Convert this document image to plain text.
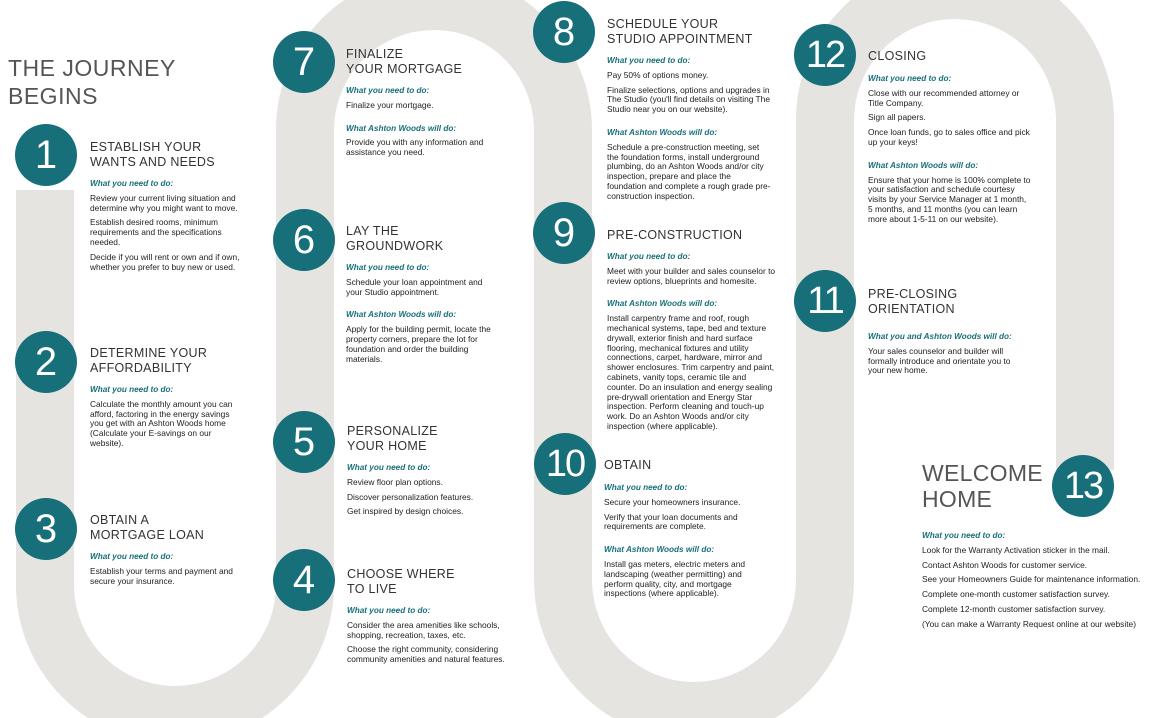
THE JOURNEY
BEGINS
1	ESTABLISH YOUR
WANTS AND NEEDS
What you need to do:
Review your current living situation and determine why you might want to move.
Establish desired rooms, minimum requirements and the specifications needed.
Decide if you will rent or own and if own, whether you prefer to buy new or used.
2	DETERMINE YOUR
AFFORDABILITY
What you need to do:
Calculate the monthly amount you can afford, factoring in the energy savings you get with an Ashton Woods home (Calculate your E-savings on our website).
3	OBTAIN A
MORTGAGE LOAN
What you need to do:
Establish your terms and payment and secure your insurance.	4	CHOOSE WHERE
TO LIVE
What you need to do:
Consider the area amenities like schools, shopping, recreation, taxes, etc.
Choose the right community, considering community amenities and natural features.
5	PERSONALIZE
YOUR HOME
What you need to do:
Review floor plan options.
Discover personalization features.
Get inspired by design choices.
6	LAY THE
GROUNDWORK
What you need to do:
Schedule your loan appointment and your Studio appointment.
What Ashton Woods will do:
Apply for the building permit, locate the property corners, prepare the lot for foundation and order the building materials.
7	FINALIZE
YOUR MORTGAGE
What you need to do:
Finalize your mortgage.
What Ashton Woods will do:
Provide you with any information and assistance you need.
8	SCHEDULE YOUR
STUDIO APPOINTMENT
What you need to do:
Pay 50% of options money.
Finalize selections, options and upgrades in The Studio (you'll find details on visiting The Studio near you on our website).
What Ashton Woods will do:
Schedule a pre-construction meeting, set the foundation forms, install underground plumbing, do an Ashton Woods and/or city inspection, prepare and place the foundation and complete a rough grade pre-construction inspection.
9	PRE-CONSTRUCTION
What you need to do:
Meet with your builder and sales counselor to review options, blueprints and homesite.
What Ashton Woods will do:
Install carpentry frame and roof, rough mechanical systems, tape, bed and texture drywall, exterior finish and hard surface flooring, mechanical fixtures and utility connections, carpet, hardware, mirror and shower enclosures. Trim carpentry and paint, cabinets, vanity tops, ceramic tile and counter. Do an insulation and energy sealing pre-drywall orientation and Energy Star inspection. Perform cleaning and touch-up work. Do an Ashton Woods and/or city inspection (where applicable).
10	OBTAIN
What you need to do:
Secure your homeowners insurance.
Verify that your loan documents and requirements are complete.
What Ashton Woods will do:
Install gas meters, electric meters and landscaping (weather permitting) and perform quality, city, and mortgage inspections (where applicable).
11	PRE-CLOSING
ORIENTATION
What you and Ashton Woods will do:
Your sales counselor and builder will formally introduce and orientate you to your new home.
12	CLOSING
What you need to do:
Close with our recommended attorney or Title Company.
Sign all papers.
Once loan funds, go to sales office and pick up your keys!
What Ashton Woods will do:
Ensure that your home is 100% complete to your satisfaction and schedule courtesy visits by your Service Manager at 1 month, 5 months, and 11 months (you can learn more about 1-5-11 on our website).
WELCOME
HOME	13
What you need to do:
Look for the Warranty Activation sticker in the mail.
Contact Ashton Woods for customer service.
See your Homeowners Guide for maintenance information.
Complete one-month customer satisfaction survey.
Complete 12-month customer satisfaction survey.
(You can make a Warranty Request online at our website)
